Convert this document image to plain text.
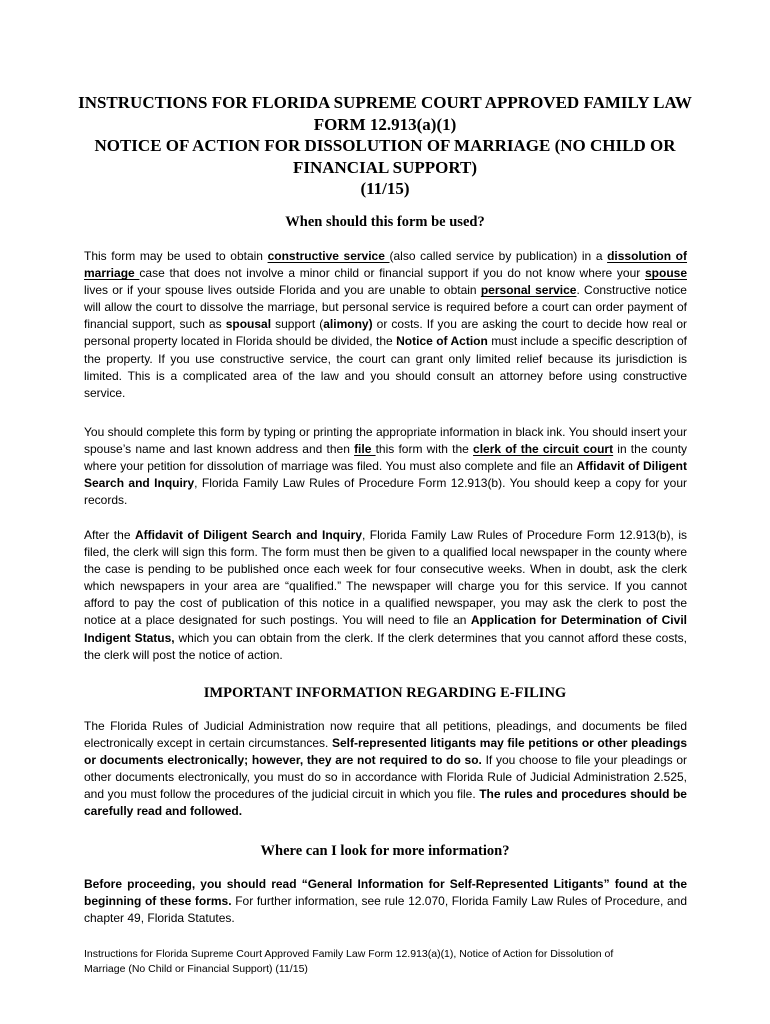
INSTRUCTIONS FOR FLORIDA SUPREME COURT APPROVED FAMILY LAW
FORM 12.913(a)(1)
NOTICE OF ACTION FOR DISSOLUTION OF MARRIAGE (NO CHILD OR
FINANCIAL SUPPORT)
(11/15)
When should this form be used?
This form may be used to obtain constructive service (also called service by publication) in a dissolution of marriage case that does not involve a minor child or financial support if you do not know where your spouse lives or if your spouse lives outside Florida and you are unable to obtain personal service. Constructive notice will allow the court to dissolve the marriage, but personal service is required before a court can order payment of financial support, such as spousal support (alimony) or costs. If you are asking the court to decide how real or personal property located in Florida should be divided, the Notice of Action must include a specific description of the property. If you use constructive service, the court can grant only limited relief because its jurisdiction is limited. This is a complicated area of the law and you should consult an attorney before using constructive service.
You should complete this form by typing or printing the appropriate information in black ink. You should insert your spouse’s name and last known address and then file this form with the clerk of the circuit court in the county where your petition for dissolution of marriage was filed. You must also complete and file an Affidavit of Diligent Search and Inquiry, Florida Family Law Rules of Procedure Form 12.913(b). You should keep a copy for your records.
After the Affidavit of Diligent Search and Inquiry, Florida Family Law Rules of Procedure Form 12.913(b), is filed, the clerk will sign this form. The form must then be given to a qualified local newspaper in the county where the case is pending to be published once each week for four consecutive weeks. When in doubt, ask the clerk which newspapers in your area are “qualified.” The newspaper will charge you for this service. If you cannot afford to pay the cost of publication of this notice in a qualified newspaper, you may ask the clerk to post the notice at a place designated for such postings. You will need to file an Application for Determination of Civil Indigent Status, which you can obtain from the clerk. If the clerk determines that you cannot afford these costs, the clerk will post the notice of action.
IMPORTANT INFORMATION REGARDING E-FILING
The Florida Rules of Judicial Administration now require that all petitions, pleadings, and documents be filed electronically except in certain circumstances. Self-represented litigants may file petitions or other pleadings or documents electronically; however, they are not required to do so. If you choose to file your pleadings or other documents electronically, you must do so in accordance with Florida Rule of Judicial Administration 2.525, and you must follow the procedures of the judicial circuit in which you file. The rules and procedures should be carefully read and followed.
Where can I look for more information?
Before proceeding, you should read “General Information for Self-Represented Litigants” found at the beginning of these forms. For further information, see rule 12.070, Florida Family Law Rules of Procedure, and chapter 49, Florida Statutes.
Instructions for Florida Supreme Court Approved Family Law Form 12.913(a)(1), Notice of Action for Dissolution of
Marriage (No Child or Financial Support) (11/15)
